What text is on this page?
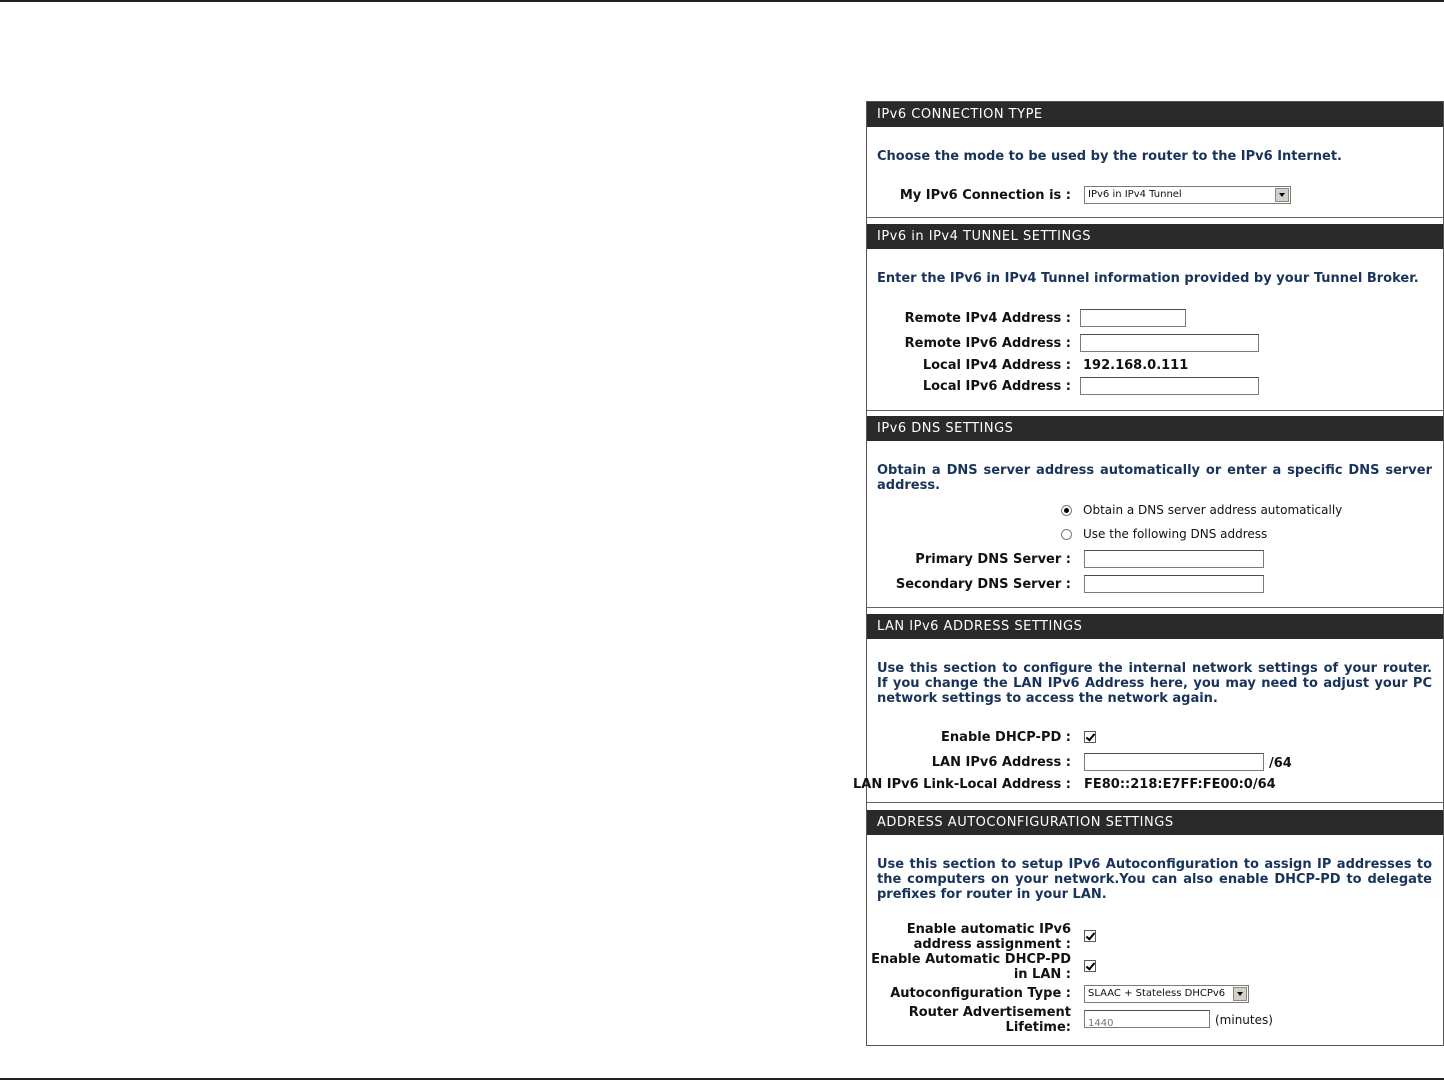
IPv6 CONNECTION TYPE
Choose the mode to be used by the router to the IPv6 Internet.
My IPv6 Connection is :	IPv6 in IPv4 Tunnel
IPv6 in IPv4 TUNNEL SETTINGS
Enter the IPv6 in IPv4 Tunnel information provided by your Tunnel Broker.
Remote IPv4 Address :
Remote IPv6 Address :
Local IPv4 Address : 192.168.0.111
Local IPv6 Address :
IPv6 DNS SETTINGS
Obtain a DNS server address automatically or enter a specific DNS server address.
Obtain a DNS server address automatically
Use the following DNS address
Primary DNS Server :
Secondary DNS Server :
LAN IPv6 ADDRESS SETTINGS
Use this section to configure the internal network settings of your router. If you change the LAN IPv6 Address here, you may need to adjust your PC network settings to access the network again.
Enable DHCP-PD :
LAN IPv6 Address :	/64
LAN IPv6 Link-Local Address : FE80::218:E7FF:FE00:0/64
ADDRESS AUTOCONFIGURATION SETTINGS
Use this section to setup IPv6 Autoconfiguration to assign IP addresses to the computers on your network.You can also enable DHCP-PD to delegate prefixes for router in your LAN.
Enable automatic IPv6 address assignment :
Enable Automatic DHCP-PD in LAN :
Autoconfiguration Type :	SLAAC + Stateless DHCPv6
Router Advertisement Lifetime:
1440	(minutes)
